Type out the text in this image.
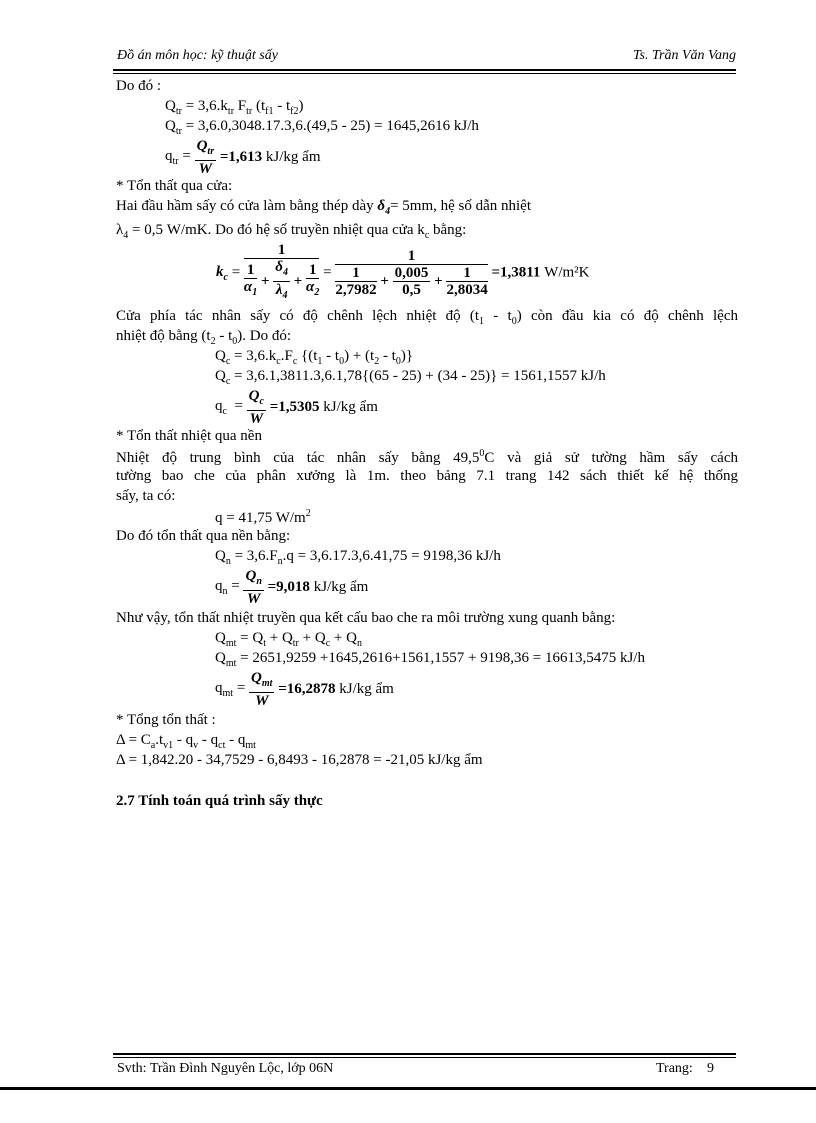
Đồ án môn học: kỹ thuật sấy	Ts. Trần Văn Vang
Do đó :
$Q_{tr} = 3,6.k_{tr}$ $F_{tr}$ $(t_{f1} - t_{f2})$
$Q_{tr} = 3,6.0,3048.17.3,6.(49,5 - 25) = 1645,2616$ kJ/h
$q_{tr} = \frac{Q_{tr}}{W} =1,613$ kJ/kg ẩm
* Tổn thất qua cửa:
Hai đầu hầm sấy có cửa làm bằng thép dày $\delta_4= 5mm$, hệ số dẫn nhiệt
$\lambda_4 = 0,5$ W/mK. Do đó hệ số truyền nhiệt qua cửa $k_c$ bằng:
$k_c = \frac{1}{\frac{1}{\alpha_1} + \frac{\delta_4}{\lambda_4} + \frac{1}{\alpha_2}} = \frac{1}{\frac{1}{2,7982} + \frac{0,005}{0,5} + \frac{1}{2,8034}} =1,3811$ W/m²K
Cửa phía tác nhân sấy có độ chênh lệch nhiệt độ $(t_1 - t_0)$ còn đầu kia có độ chênh lệch
nhiệt độ bằng $(t_2 - t_0)$. Do đó:
$Q_c = 3,6.k_c.F_c$ $\{(t_1 - t_0) + (t_2 - t_0)\}$
$Q_c = 3,6.1,3811.3,6.1,78\{(65 - 25) + (34 - 25)\} = 1561,1557$ kJ/h
$q_c = \frac{Q_c}{W} =1,5305$ kJ/kg ẩm
* Tổn thất nhiệt qua nền
Nhiệt độ trung bình của tác nhân sấy bằng 49,5$^0$C và giả sử tường hầm sấy cách
tường bao che của phân xưởng là 1m. theo bảng 7.1 trang 142 sách thiết kế hệ thống
sấy, ta có:
q = 41,75 $W/m^2$
Do đó tổn thất qua nền bằng:
$Q_n = 3,6.F_n.q = 3,6.17.3,6.41,75 = 9198,36$ kJ/h
$q_n = \frac{Q_n}{W} =9,018$ kJ/kg ẩm
Như vậy, tổn thất nhiệt truyền qua kết cấu bao che ra môi trường xung quanh bằng:
$Q_{mt} = Q_t + Q_{tr} + Q_c + Q_n$
$Q_{mt} = 2651,9259 +1645,2616+1561,1557 + 9198,36 = 16613,5475$ kJ/h
$q_{mt} = \frac{Q_{mt}}{W} =16,2878$ kJ/kg ẩm
* Tổng tổn thất :
$\Delta = C_a.t_{v1} - q_v - q_{ct} - q_{mt}$
Δ = 1,842.20 - 34,7529 - 6,8493 - 16,2878 = -21,05 kJ/kg ẩm
2.7 Tính toán quá trình sấy thực
Svth: Trần Đình Nguyên Lộc, lớp 06N	Trang: 9
